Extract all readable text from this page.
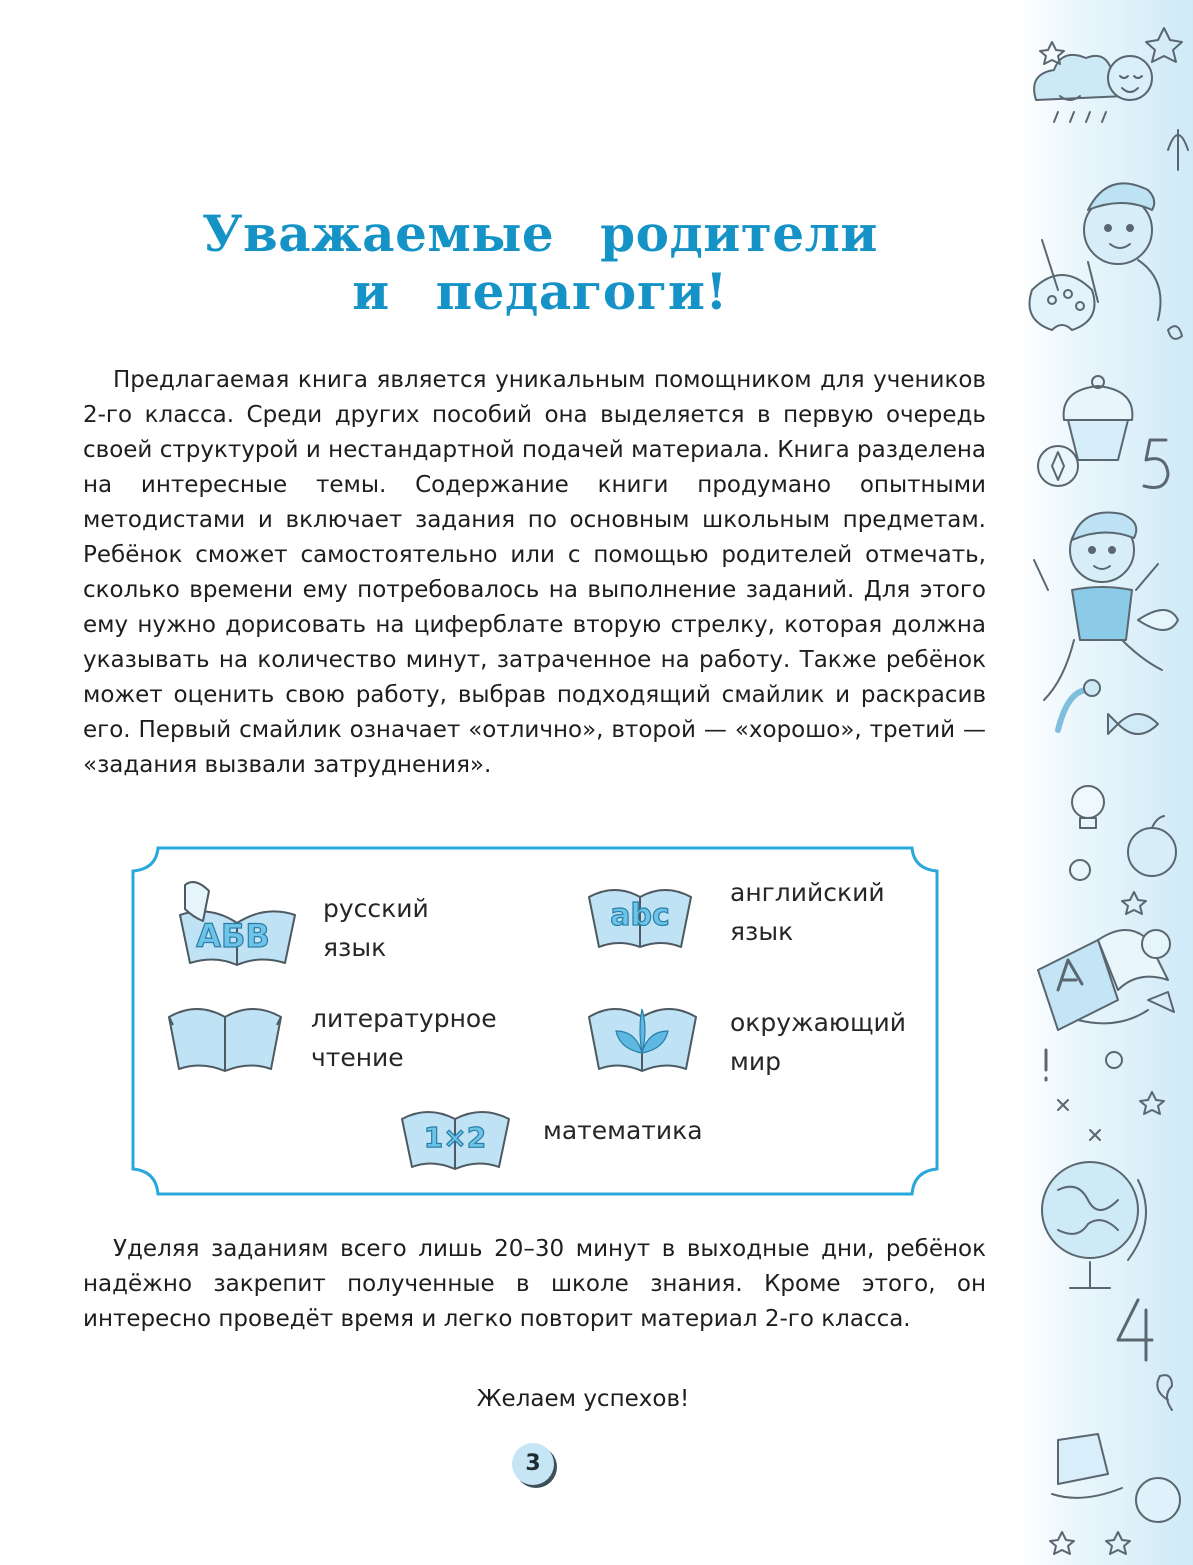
Уважаемые родители
и педагоги!

Предлагаемая книга является уникальным помощником для учеников 2-го класса. Среди других пособий она выделяется в первую очередь своей структурой и нестандартной подачей материала. Книга разделена на интересные темы. Содержание книги продумано опытными методистами и включает задания по основным школьным предметам. Ребёнок сможет самостоятельно или с помощью родителей отмечать, сколько времени ему потребовалось на выполнение заданий. Для этого ему нужно дорисовать на циферблате вторую стрелку, которая должна указывать на количество минут, затраченное на работу. Также ребёнок может оценить свою работу, выбрав подходящий смайлик и раскрасив его. Первый смайлик означает «отлично», второй — «хорошо», третий — «задания вызвали затруднения».

АБВ
русский
язык
abc
английский
язык
литературное
чтение
окружающий
мир
1×2 математика

Уделяя заданиям всего лишь 20–30 минут в выходные дни, ребёнок надёжно закрепит полученные в школе знания. Кроме этого, он интересно проведёт время и легко повторит материал 2-го класса.

Желаем успехов!

3
